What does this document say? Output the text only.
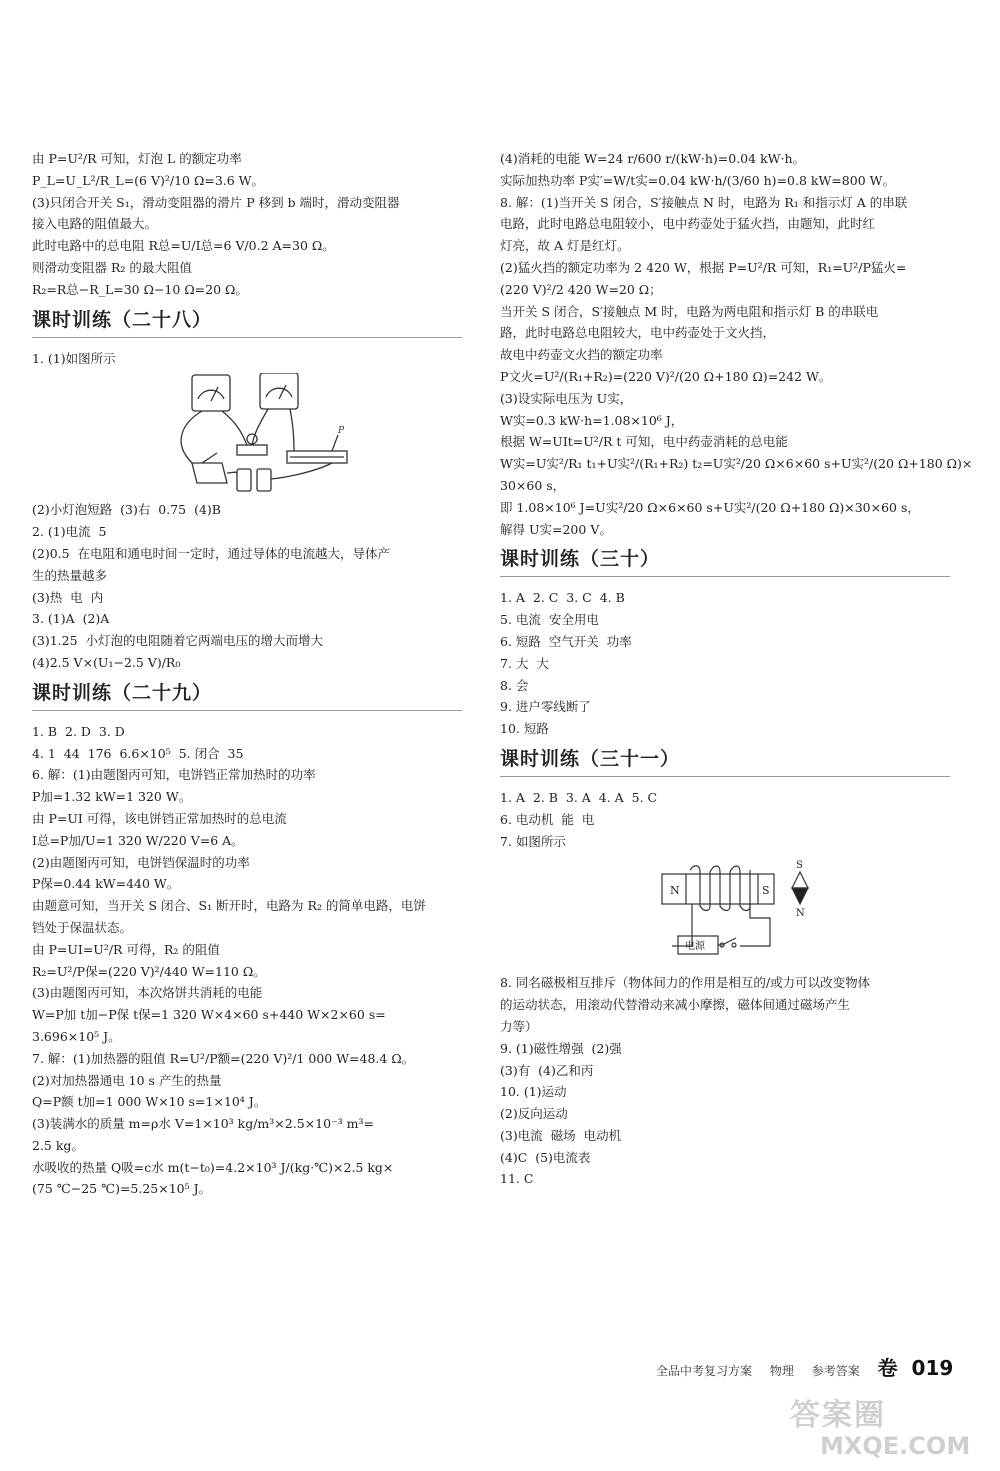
由 P=U²/R 可知，灯泡 L 的额定功率
P_L=U_L²/R_L=(6 V)²/10 Ω=3.6 W。
(3)只闭合开关 S₁，滑动变阻器的滑片 P 移到 b 端时，滑动变阻器
接入电路的阻值最大。
此时电路中的总电阻 R总=U/I总=6 V/0.2 A=30 Ω。
则滑动变阻器 R₂ 的最大阻值
R₂=R总−R_L=30 Ω−10 Ω=20 Ω。
课时训练（二十八）
1. (1)如图所示
P
(2)小灯泡短路  (3)右  0.75  (4)B
2. (1)电流  5
(2)0.5  在电阻和通电时间一定时，通过导体的电流越大，导体产
生的热量越多
(3)热  电  内
3. (1)A  (2)A
(3)1.25  小灯泡的电阻随着它两端电压的增大而增大
(4)2.5 V×(U₁−2.5 V)/R₀
课时训练（二十九）
1. B  2. D  3. D
4. 1  44  176  6.6×10⁵  5. 闭合  35
6. 解：(1)由题图丙可知，电饼铛正常加热时的功率
P加=1.32 kW=1 320 W。
由 P=UI 可得，该电饼铛正常加热时的总电流
I总=P加/U=1 320 W/220 V=6 A。
(2)由题图丙可知，电饼铛保温时的功率
P保=0.44 kW=440 W。
由题意可知，当开关 S 闭合、S₁ 断开时，电路为 R₂ 的简单电路，电饼
铛处于保温状态。
由 P=UI=U²/R 可得，R₂ 的阻值
R₂=U²/P保=(220 V)²/440 W=110 Ω。
(3)由题图丙可知，本次烙饼共消耗的电能
W=P加 t加−P保 t保=1 320 W×4×60 s+440 W×2×60 s=
3.696×10⁵ J。
7. 解：(1)加热器的阻值 R=U²/P额=(220 V)²/1 000 W=48.4 Ω。
(2)对加热器通电 10 s 产生的热量
Q=P额 t加=1 000 W×10 s=1×10⁴ J。
(3)装满水的质量 m=ρ水 V=1×10³ kg/m³×2.5×10⁻³ m³=
2.5 kg。
水吸收的热量 Q吸=c水 m(t−t₀)=4.2×10³ J/(kg·℃)×2.5 kg×
(75 ℃−25 ℃)=5.25×10⁵ J。
(4)消耗的电能 W=24 r/600 r/(kW·h)=0.04 kW·h。
实际加热功率 P实′=W/t实=0.04 kW·h/(3/60 h)=0.8 kW=800 W。
8. 解：(1)当开关 S 闭合，S′接触点 N 时，电路为 R₁ 和指示灯 A 的串联
电路，此时电路总电阻较小，电中药壶处于猛火挡，由题知，此时红
灯亮，故 A 灯是红灯。
(2)猛火挡的额定功率为 2 420 W，根据 P=U²/R 可知，R₁=U²/P猛火=
(220 V)²/2 420 W=20 Ω；
当开关 S 闭合，S′接触点 M 时，电路为两电阻和指示灯 B 的串联电
路，此时电路总电阻较大，电中药壶处于文火挡，
故电中药壶文火挡的额定功率
P文火=U²/(R₁+R₂)=(220 V)²/(20 Ω+180 Ω)=242 W。
(3)设实际电压为 U实，
W实=0.3 kW·h=1.08×10⁶ J，
根据 W=UIt=U²/R t 可知，电中药壶消耗的总电能
W实=U实²/R₁ t₁+U实²/(R₁+R₂) t₂=U实²/20 Ω×6×60 s+U实²/(20 Ω+180 Ω)×
30×60 s，
即 1.08×10⁶ J=U实²/20 Ω×6×60 s+U实²/(20 Ω+180 Ω)×30×60 s，
解得 U实=200 V。
课时训练（三十）
1. A  2. C  3. C  4. B
5. 电流  安全用电
6. 短路  空气开关  功率
7. 大  大
8. 会
9. 进户零线断了
10. 短路
课时训练（三十一）
1. A  2. B  3. A  4. A  5. C
6. 电动机  能  电
7. 如图所示
N	S
S
N
电源
8. 同名磁极相互排斥（物体间力的作用是相互的/或力可以改变物体
的运动状态，用滚动代替滑动来减小摩擦，磁体间通过磁场产生
力等）
9. (1)磁性增强  (2)强
(3)有  (4)乙和丙
10. (1)运动
(2)反向运动
(3)电流  磁场  电动机
(4)C  (5)电流表
11. C
全品中考复习方案 物理 参考答案 卷 019
答案圈
MXQE.COM
